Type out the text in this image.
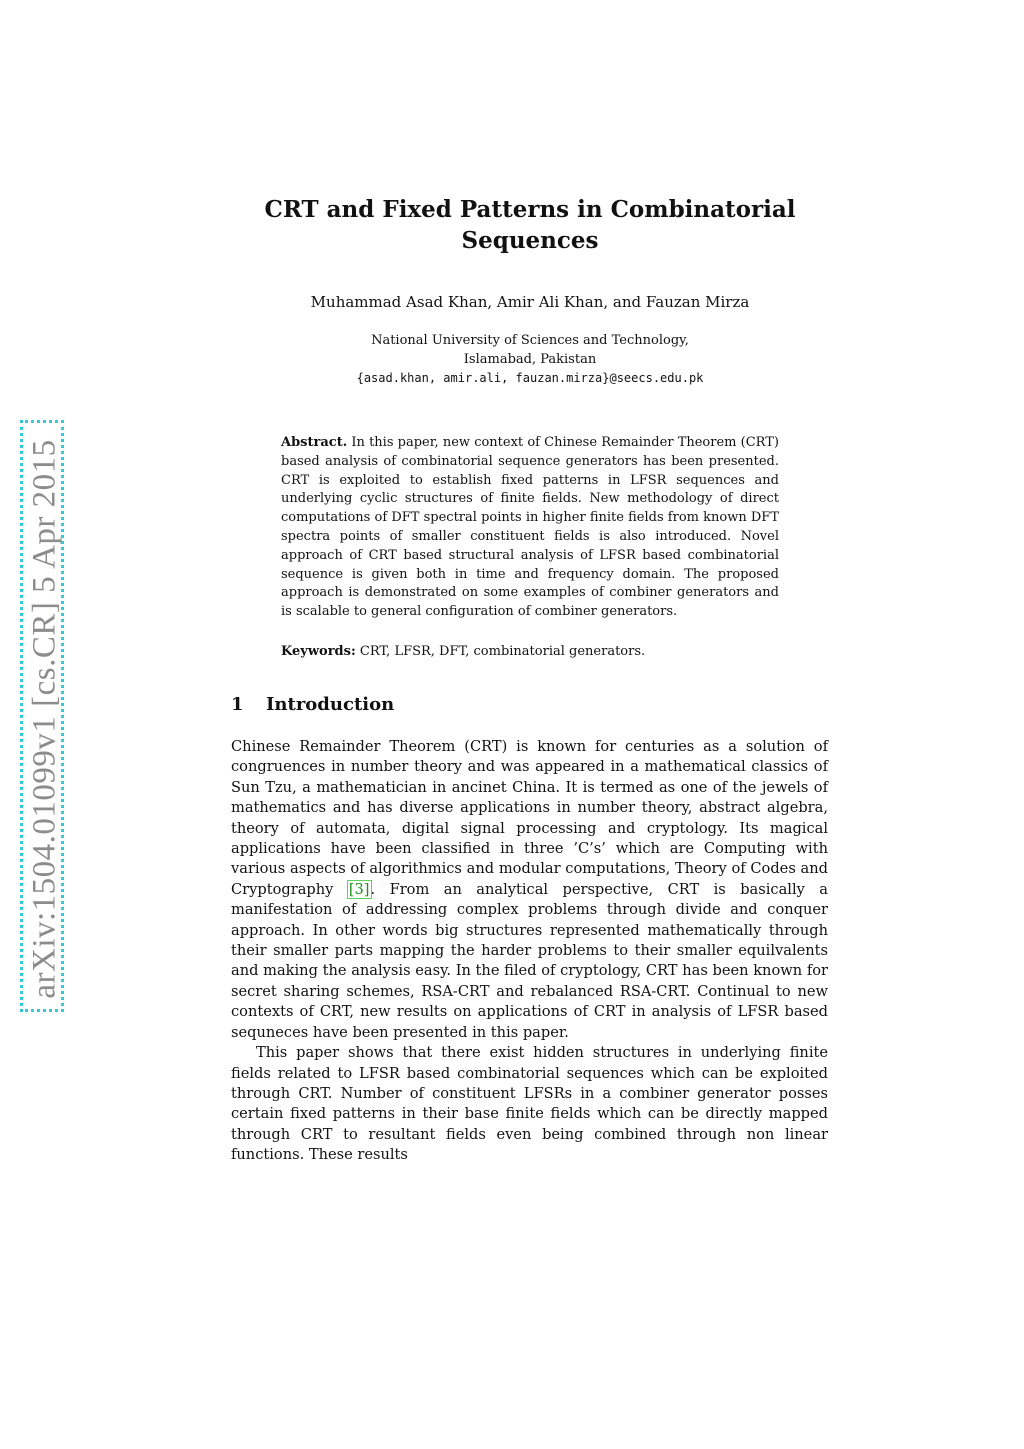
arXiv:1504.01099v1 [cs.CR] 5 Apr 2015
CRT and Fixed Patterns in Combinatorial Sequences
Muhammad Asad Khan, Amir Ali Khan, and Fauzan Mirza
National University of Sciences and Technology,
Islamabad, Pakistan
{asad.khan, amir.ali, fauzan.mirza}@seecs.edu.pk
Abstract. In this paper, new context of Chinese Remainder Theorem (CRT) based analysis of combinatorial sequence generators has been presented. CRT is exploited to establish fixed patterns in LFSR sequences and underlying cyclic structures of finite fields. New methodology of direct computations of DFT spectral points in higher finite fields from known DFT spectra points of smaller constituent fields is also introduced. Novel approach of CRT based structural analysis of LFSR based combinatorial sequence is given both in time and frequency domain. The proposed approach is demonstrated on some examples of combiner generators and is scalable to general configuration of combiner generators.
Keywords: CRT, LFSR, DFT, combinatorial generators.
1 Introduction

Chinese Remainder Theorem (CRT) is known for centuries as a solution of congruences in number theory and was appeared in a mathematical classics of Sun Tzu, a mathematician in ancinet China. It is termed as one of the jewels of mathematics and has diverse applications in number theory, abstract algebra, theory of automata, digital signal processing and cryptology. Its magical applications have been classified in three ’C’s’ which are Computing with various aspects of algorithmics and modular computations, Theory of Codes and Cryptography [3]. From an analytical perspective, CRT is basically a manifestation of addressing complex problems through divide and conquer approach. In other words big structures represented mathematically through their smaller parts mapping the harder problems to their smaller equilvalents and making the analysis easy. In the filed of cryptology, CRT has been known for secret sharing schemes, RSA-CRT and rebalanced RSA-CRT. Continual to new contexts of CRT, new results on applications of CRT in analysis of LFSR based sequneces have been presented in this paper.

This paper shows that there exist hidden structures in underlying finite fields related to LFSR based combinatorial sequences which can be exploited through CRT. Number of constituent LFSRs in a combiner generator posses certain fixed patterns in their base finite fields which can be directly mapped through CRT to resultant fields even being combined through non linear functions. These results
